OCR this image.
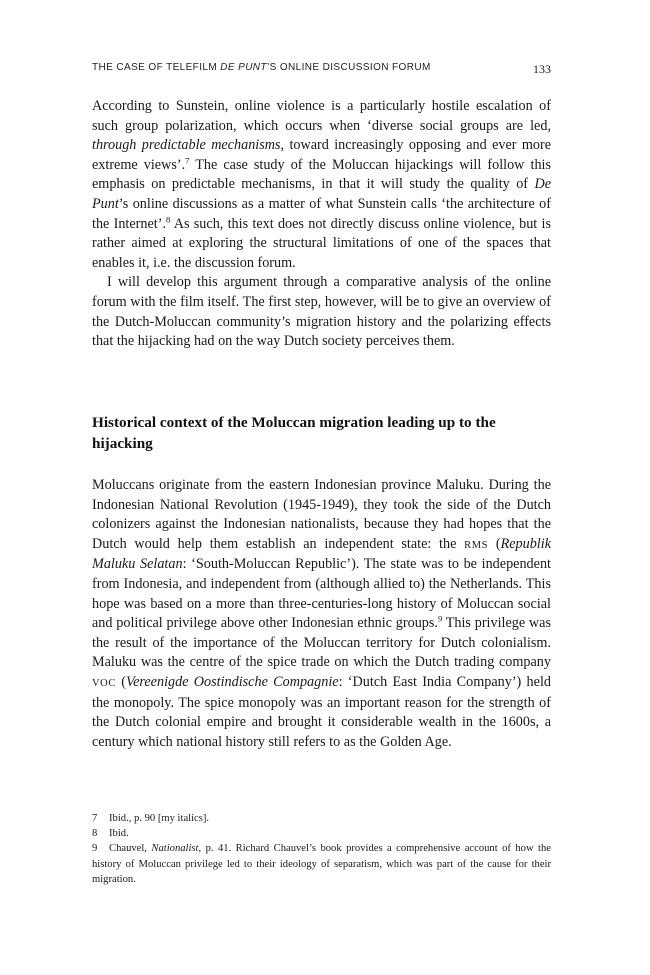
THE CASE OF TELEFILM DE PUNT’S ONLINE DISCUSSION FORUM	133

According to Sunstein, online violence is a particularly hostile escalation of such group polarization, which occurs when ‘diverse social groups are led, through predictable mechanisms, toward increasingly opposing and ever more extreme views’.$^7$ The case study of the Moluccan hijackings will follow this emphasis on predictable mechanisms, in that it will study the quality of De Punt’s online discussions as a matter of what Sunstein calls ‘the architecture of the Internet’.$^8$ As such, this text does not directly discuss online violence, but is rather aimed at exploring the structural limitations of one of the spaces that enables it, i.e. the discussion forum.

I will develop this argument through a comparative analysis of the online forum with the film itself. The first step, however, will be to give an overview of the Dutch-Moluccan community’s migration history and the polarizing effects that the hijacking had on the way Dutch society perceives them.

Historical context of the Moluccan migration leading up to the hijacking

Moluccans originate from the eastern Indonesian province Maluku. During the Indonesian National Revolution (1945-1949), they took the side of the Dutch colonizers against the Indonesian nationalists, because they had hopes that the Dutch would help them establish an independent state: the RMS (Republik Maluku Selatan: ‘South-Moluccan Republic’). The state was to be independent from Indonesia, and independent from (although allied to) the Netherlands. This hope was based on a more than three-centuries-long history of Moluccan social and political privilege above other Indonesian ethnic groups.$^9$ This privilege was the result of the importance of the Moluccan territory for Dutch colonialism. Maluku was the centre of the spice trade on which the Dutch trading company VOC (Vereenigde Oostindische Compagnie: ‘Dutch East India Company’) held the monopoly. The spice monopoly was an important reason for the strength of the Dutch colonial empire and brought it considerable wealth in the 1600s, a century which national history still refers to as the Golden Age.

7 Ibid., p. 90 [my italics].

8 Ibid.

9 Chauvel, Nationalist, p. 41. Richard Chauvel’s book provides a comprehensive account of how the history of Moluccan privilege led to their ideology of separatism, which was part of the cause for their migration.
